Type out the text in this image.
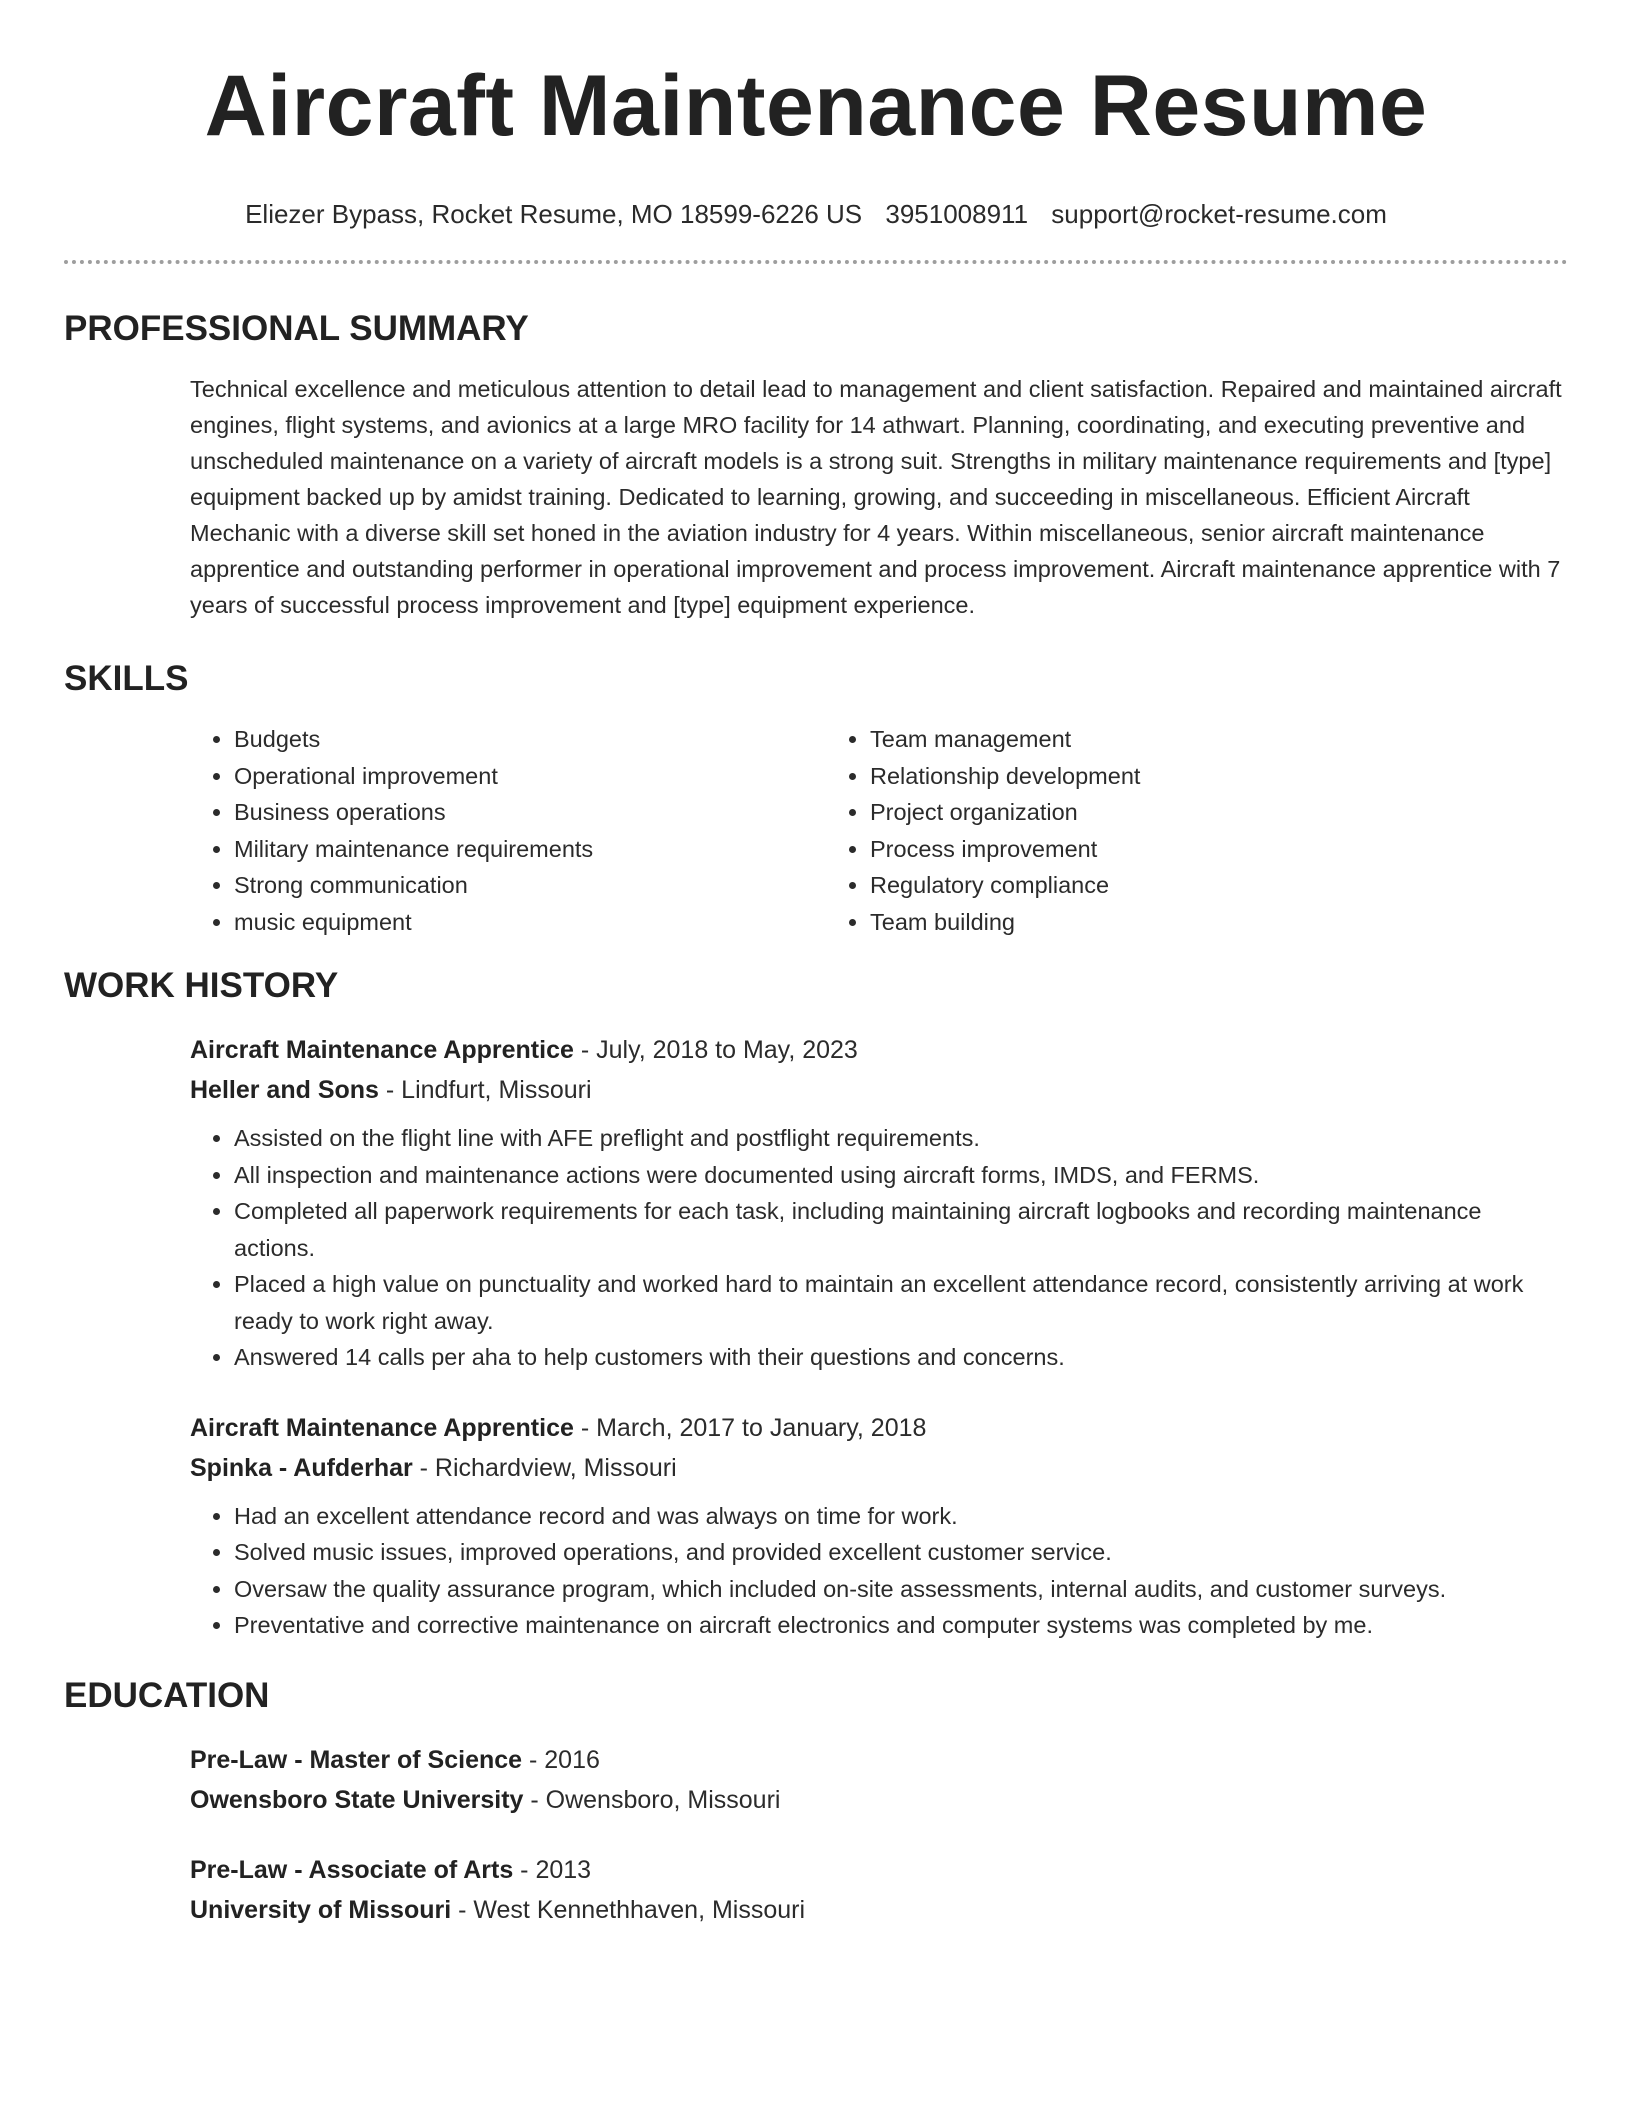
Aircraft Maintenance Resume
Eliezer Bypass, Rocket Resume, MO 18599-6226 US 3951008911 support@rocket-resume.com
PROFESSIONAL SUMMARY

Technical excellence and meticulous attention to detail lead to management and client satisfaction. Repaired and maintained aircraft engines, flight systems, and avionics at a large MRO facility for 14 athwart. Planning, coordinating, and executing preventive and unscheduled maintenance on a variety of aircraft models is a strong suit. Strengths in military maintenance requirements and [type] equipment backed up by amidst training. Dedicated to learning, growing, and succeeding in miscellaneous. Efficient Aircraft Mechanic with a diverse skill set honed in the aviation industry for 4 years. Within miscellaneous, senior aircraft maintenance apprentice and outstanding performer in operational improvement and process improvement. Aircraft maintenance apprentice with 7 years of successful process improvement and [type] equipment experience.

SKILLS
• Budgets
• Operational improvement
• Business operations
• Military maintenance requirements
• Strong communication
• music equipment
• Team management
• Relationship development
• Project organization
• Process improvement
• Regulatory compliance
• Team building
WORK HISTORY
Aircraft Maintenance Apprentice - July, 2018 to May, 2023
Heller and Sons - Lindfurt, Missouri
• Assisted on the flight line with AFE preflight and postflight requirements.
• All inspection and maintenance actions were documented using aircraft forms, IMDS, and FERMS.
• Completed all paperwork requirements for each task, including maintaining aircraft logbooks and recording maintenance actions.
• Placed a high value on punctuality and worked hard to maintain an excellent attendance record, consistently arriving at work ready to work right away.
• Answered 14 calls per aha to help customers with their questions and concerns.
Aircraft Maintenance Apprentice - March, 2017 to January, 2018
Spinka - Aufderhar - Richardview, Missouri
• Had an excellent attendance record and was always on time for work.
• Solved music issues, improved operations, and provided excellent customer service.
• Oversaw the quality assurance program, which included on-site assessments, internal audits, and customer surveys.
• Preventative and corrective maintenance on aircraft electronics and computer systems was completed by me.
EDUCATION
Pre-Law - Master of Science - 2016
Owensboro State University - Owensboro, Missouri
Pre-Law - Associate of Arts - 2013
University of Missouri - West Kennethhaven, Missouri
